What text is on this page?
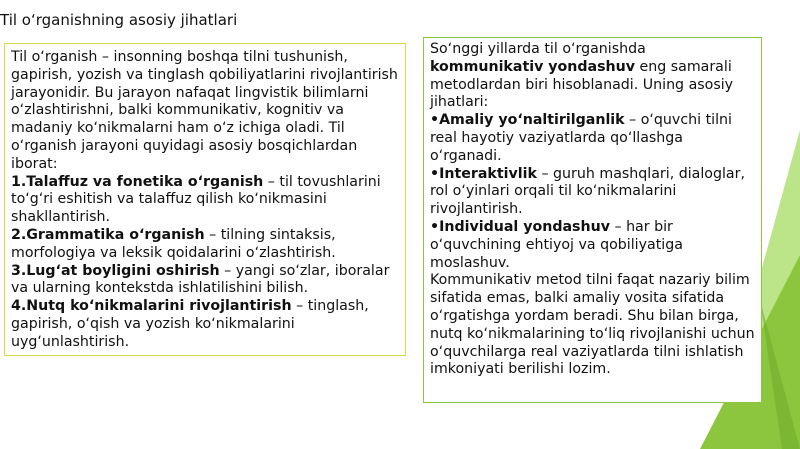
Til o‘rganishning asosiy jihatlari

Til o‘rganish – insonning boshqa tilni tushunish, gapirish, yozish va tinglash qobiliyatlarini rivojlantirish jarayonidir. Bu jarayon nafaqat lingvistik bilimlarni o‘zlashtirishni, balki kommunikativ, kognitiv va madaniy ko‘nikmalarni ham o‘z ichiga oladi. Til o‘rganish jarayoni quyidagi asosiy bosqichlardan iborat:

1.Talaffuz va fonetika o‘rganish – til tovushlarini to‘g‘ri eshitish va talaffuz qilish ko‘nikmasini shakllantirish.

2.Grammatika o‘rganish – tilning sintaksis, morfologiya va leksik qoidalarini o‘zlashtirish.

3.Lug‘at boyligini oshirish – yangi so‘zlar, iboralar va ularning kontekstda ishlatilishini bilish.

4.Nutq ko‘nikmalarini rivojlantirish – tinglash, gapirish, o‘qish va yozish ko‘nikmalarini uyg‘unlashtirish.

So‘nggi yillarda til o‘rganishda kommunikativ yondashuv eng samarali metodlardan biri hisoblanadi. Uning asosiy jihatlari:

•Amaliy yo‘naltirilganlik – o‘quvchi tilni real hayotiy vaziyatlarda qo‘llashga o‘rganadi.

•Interaktivlik – guruh mashqlari, dialoglar, rol o‘yinlari orqali til ko‘nikmalarini rivojlantirish.

•Individual yondashuv – har bir o‘quvchining ehtiyoj va qobiliyatiga moslashuv.

Kommunikativ metod tilni faqat nazariy bilim sifatida emas, balki amaliy vosita sifatida o‘rgatishga yordam beradi. Shu bilan birga, nutq ko‘nikmalarining to‘liq rivojlanishi uchun o‘quvchilarga real vaziyatlarda tilni ishlatish imkoniyati berilishi lozim.
